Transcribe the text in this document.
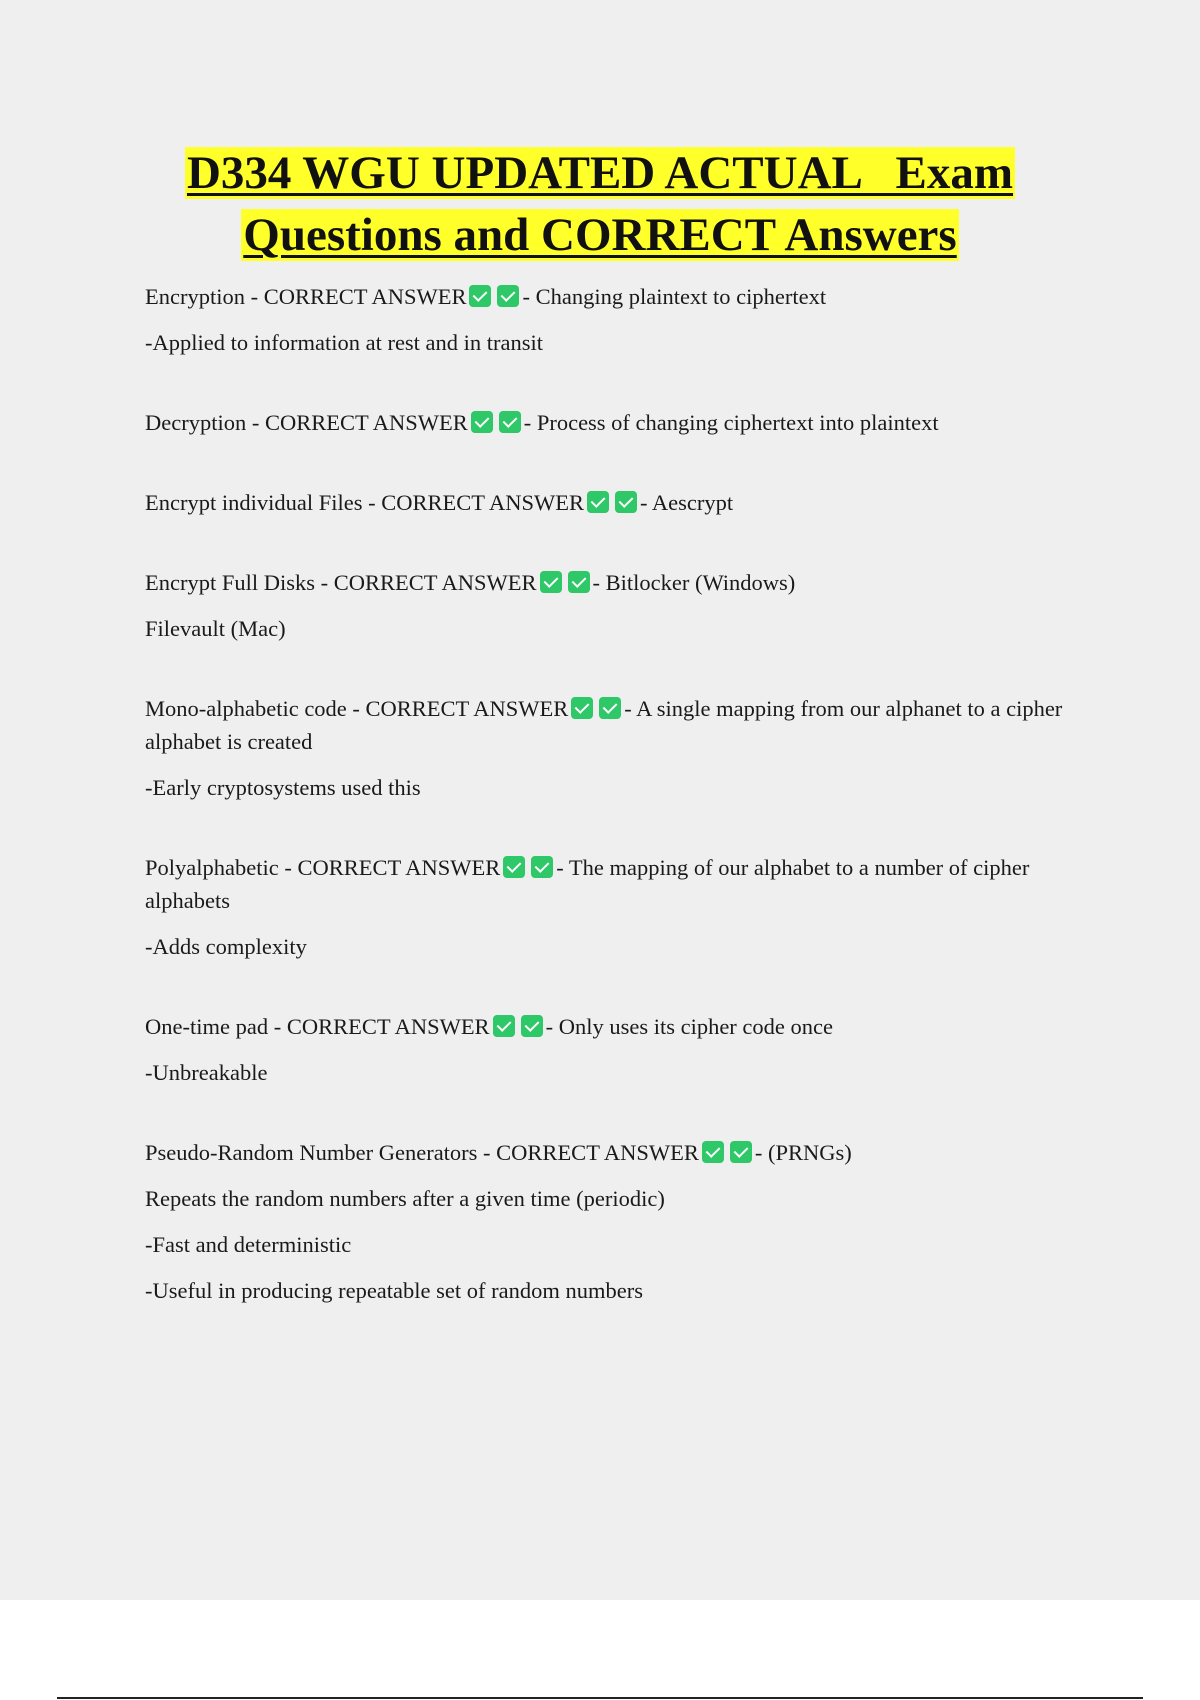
D334 WGU UPDATED ACTUAL   Exam
Questions and CORRECT Answers

Encryption - CORRECT ANSWER - Changing plaintext to ciphertext

-Applied to information at rest and in transit

Decryption - CORRECT ANSWER - Process of changing ciphertext into plaintext

Encrypt individual Files - CORRECT ANSWER - Aescrypt

Encrypt Full Disks - CORRECT ANSWER - Bitlocker (Windows)

Filevault (Mac)

Mono-alphabetic code - CORRECT ANSWER - A single mapping from our alphanet to a cipher alphabet is created

-Early cryptosystems used this

Polyalphabetic - CORRECT ANSWER - The mapping of our alphabet to a number of cipher alphabets

-Adds complexity

One-time pad - CORRECT ANSWER - Only uses its cipher code once

-Unbreakable

Pseudo-Random Number Generators - CORRECT ANSWER - (PRNGs)

Repeats the random numbers after a given time (periodic)

-Fast and deterministic

-Useful in producing repeatable set of random numbers
